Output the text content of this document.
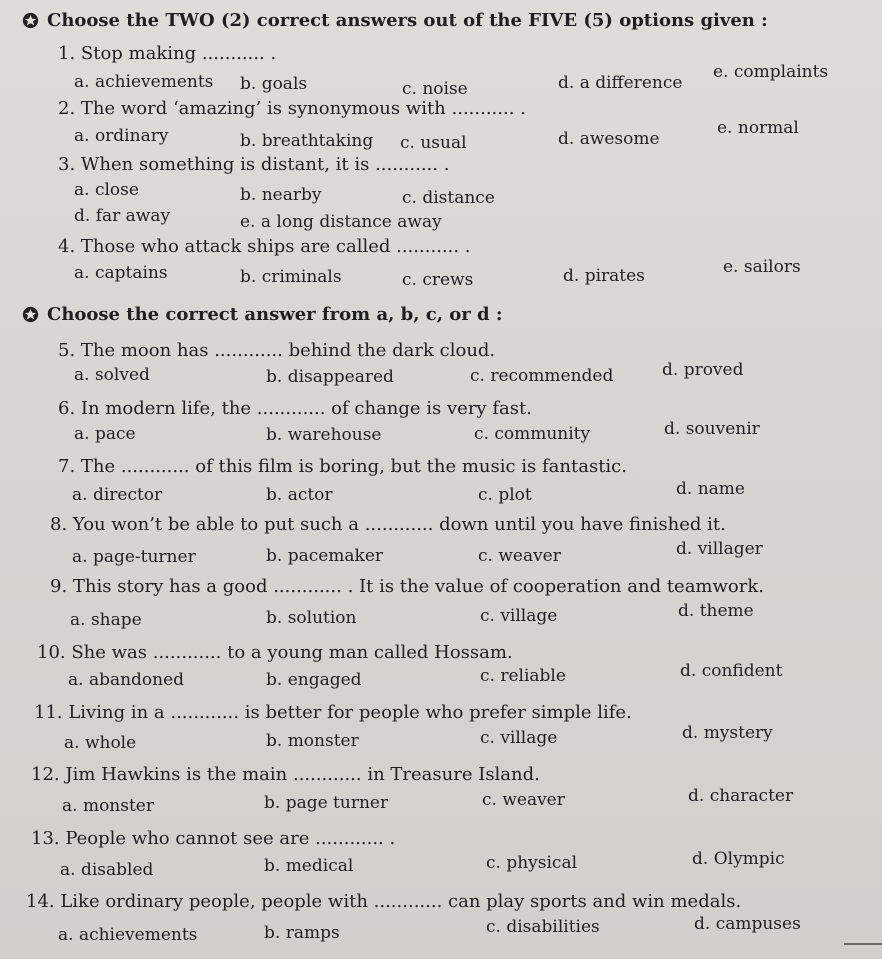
Choose the TWO (2) correct answers out of the FIVE (5) options given :
1. Stop making ........... .
a. achievements b. goals	c. noise	d. a difference
e. complaints
2. The word ‘amazing’ is synonymous with ........... .
a. ordinary	b. breathtaking c. usual	d. awesome
e. normal
3. When something is distant, it is ........... .
a. close	b. nearby	c. distance
d. far away	e. a long distance away
4. Those who attack ships are called ........... .
a. captains	b. criminals	c. crews	d. pirates	e. sailors
Choose the correct answer from a, b, c, or d :
5. The moon has ............ behind the dark cloud.
a. solved	b. disappeared	c. recommended	d. proved
6. In modern life, the ............ of change is very fast.
a. pace	b. warehouse	c. community	d. souvenir
7. The ............ of this film is boring, but the music is fantastic.
a. director	b. actor	c. plot	d. name
8. You won’t be able to put such a ............ down until you have finished it.
a. page-turner	b. pacemaker	c. weaver	d. villager
9. This story has a good ............ . It is the value of cooperation and teamwork.
a. shape	b. solution	c. village	d. theme
10. She was ............ to a young man called Hossam.
a. abandoned	b. engaged	c. reliable	d. confident
11. Living in a ............ is better for people who prefer simple life.
a. whole	b. monster	c. village	d. mystery
12. Jim Hawkins is the main ............ in Treasure Island.
a. monster	b. page turner	c. weaver	d. character
13. People who cannot see are ............ .
a. disabled	b. medical	c. physical	d. Olympic
14. Like ordinary people, people with ............ can play sports and win medals.
a. achievements	b. ramps	c. disabilities	d. campuses
